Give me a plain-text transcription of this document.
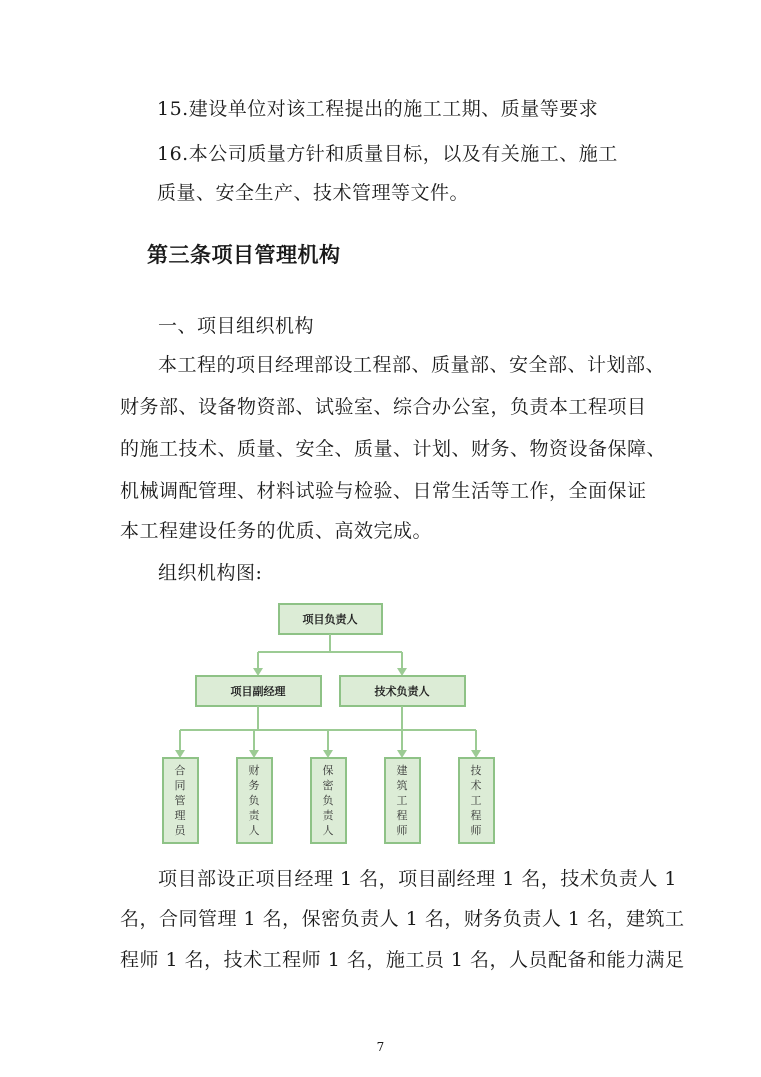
15.建设单位对该工程提出的施工工期、质量等要求
16.本公司质量方针和质量目标，以及有关施工、施工
质量、安全生产、技术管理等文件。
第三条项目管理机构
一、项目组织机构
本工程的项目经理部设工程部、质量部、安全部、计划部、
财务部、设备物资部、试验室、综合办公室，负责本工程项目
的施工技术、质量、安全、质量、计划、财务、物资设备保障、
机械调配管理、材料试验与检验、日常生活等工作，全面保证
本工程建设任务的优质、高效完成。
组织机构图:
项目负责人
项目副经理	技术负责人
合同管理员
财务负责人
保密负责人
建筑工程师
技术工程师
项目部设正项目经理 1 名，项目副经理 1 名，技术负责人 1
名，合同管理 1 名，保密负责人 1 名，财务负责人 1 名，建筑工
程师 1 名，技术工程师 1 名，施工员 1 名，人员配备和能力满足
7
